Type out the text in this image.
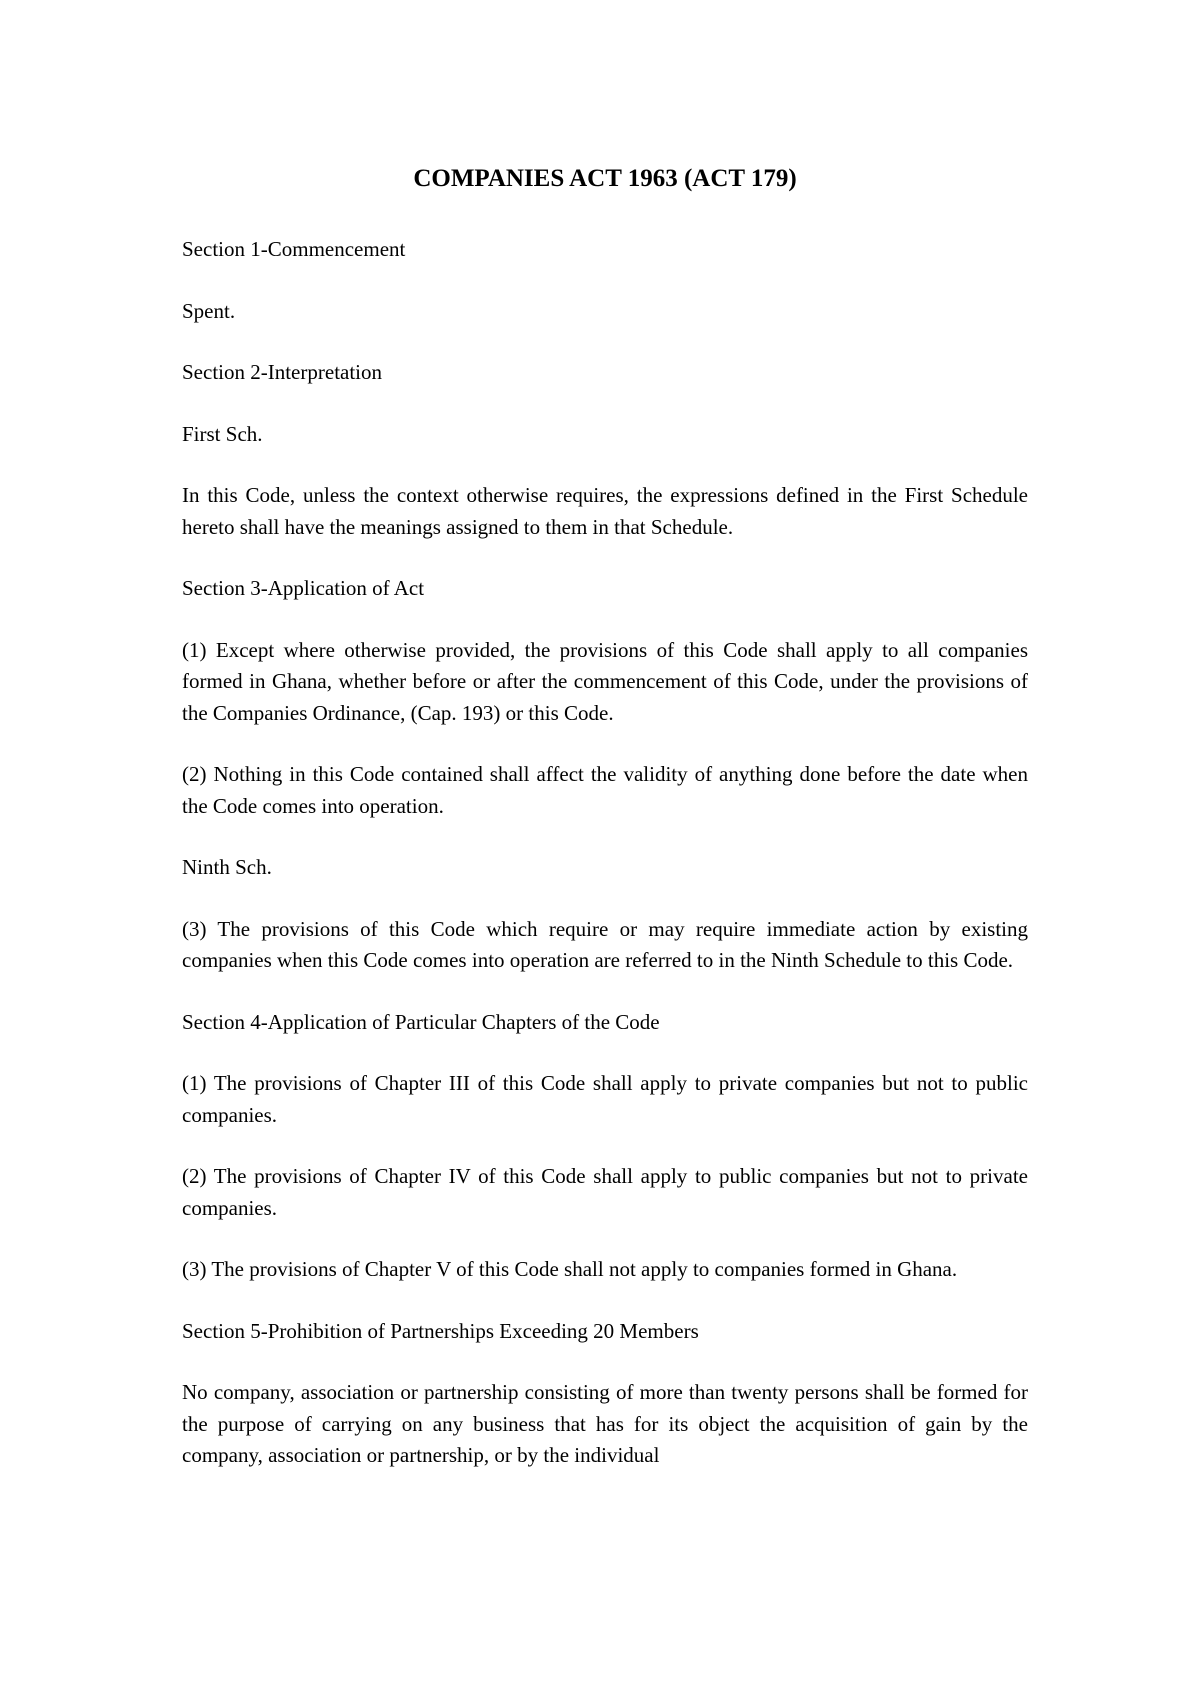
COMPANIES ACT 1963 (ACT 179)

Section 1-Commencement

Spent.

Section 2-Interpretation

First Sch.

In this Code, unless the context otherwise requires, the expressions defined in the First Schedule hereto shall have the meanings assigned to them in that Schedule.

Section 3-Application of Act

(1) Except where otherwise provided, the provisions of this Code shall apply to all companies formed in Ghana, whether before or after the commencement of this Code, under the provisions of the Companies Ordinance, (Cap. 193) or this Code.

(2) Nothing in this Code contained shall affect the validity of anything done before the date when the Code comes into operation.

Ninth Sch.

(3) The provisions of this Code which require or may require immediate action by existing companies when this Code comes into operation are referred to in the Ninth Schedule to this Code.

Section 4-Application of Particular Chapters of the Code

(1) The provisions of Chapter III of this Code shall apply to private companies but not to public companies.

(2) The provisions of Chapter IV of this Code shall apply to public companies but not to private companies.

(3) The provisions of Chapter V of this Code shall not apply to companies formed in Ghana.

Section 5-Prohibition of Partnerships Exceeding 20 Members

No company, association or partnership consisting of more than twenty persons shall be formed for the purpose of carrying on any business that has for its object the acquisition of gain by the company, association or partnership, or by the individual
